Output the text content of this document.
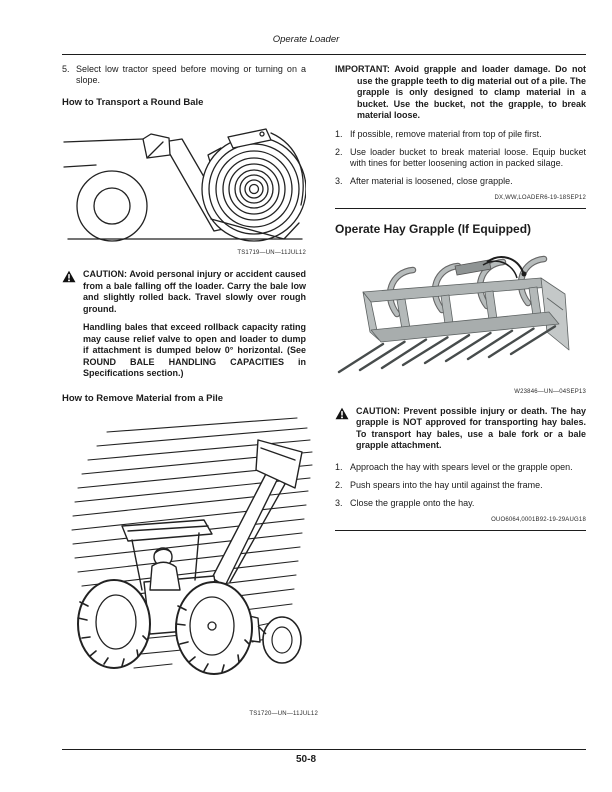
Operate Loader
5. Select low tractor speed before moving or turning on a slope.
How to Transport a Round Bale
TS1719—UN—11JUL12
CAUTION: Avoid personal injury or accident caused from a bale falling off the loader. Carry the bale low and slightly rolled back. Travel slowly over rough ground.
Handling bales that exceed rollback capacity rating may cause relief valve to open and loader to dump if attachment is dumped below 0° horizontal. (See ROUND BALE HANDLING CAPACITIES in Specifications section.)
How to Remove Material from a Pile
TS1720—UN—11JUL12
IMPORTANT: Avoid grapple and loader damage. Do not use the grapple teeth to dig material out of a pile. The grapple is only designed to clamp material in a bucket. Use the bucket, not the grapple, to break material loose.
1. If possible, remove material from top of pile first.
2. Use loader bucket to break material loose. Equip bucket with tines for better loosening action in packed silage.
3. After material is loosened, close grapple.
DX,WW,LOADER6-19-18SEP12
Operate Hay Grapple (If Equipped)
W23846—UN—04SEP13
CAUTION: Prevent possible injury or death. The hay grapple is NOT approved for transporting hay bales. To transport hay bales, use a bale fork or a bale grapple attachment.
1. Approach the hay with spears level or the grapple open.
2. Push spears into the hay until against the frame.
3. Close the grapple onto the hay.
OUO6064,0001B92-19-29AUG18
50-8
